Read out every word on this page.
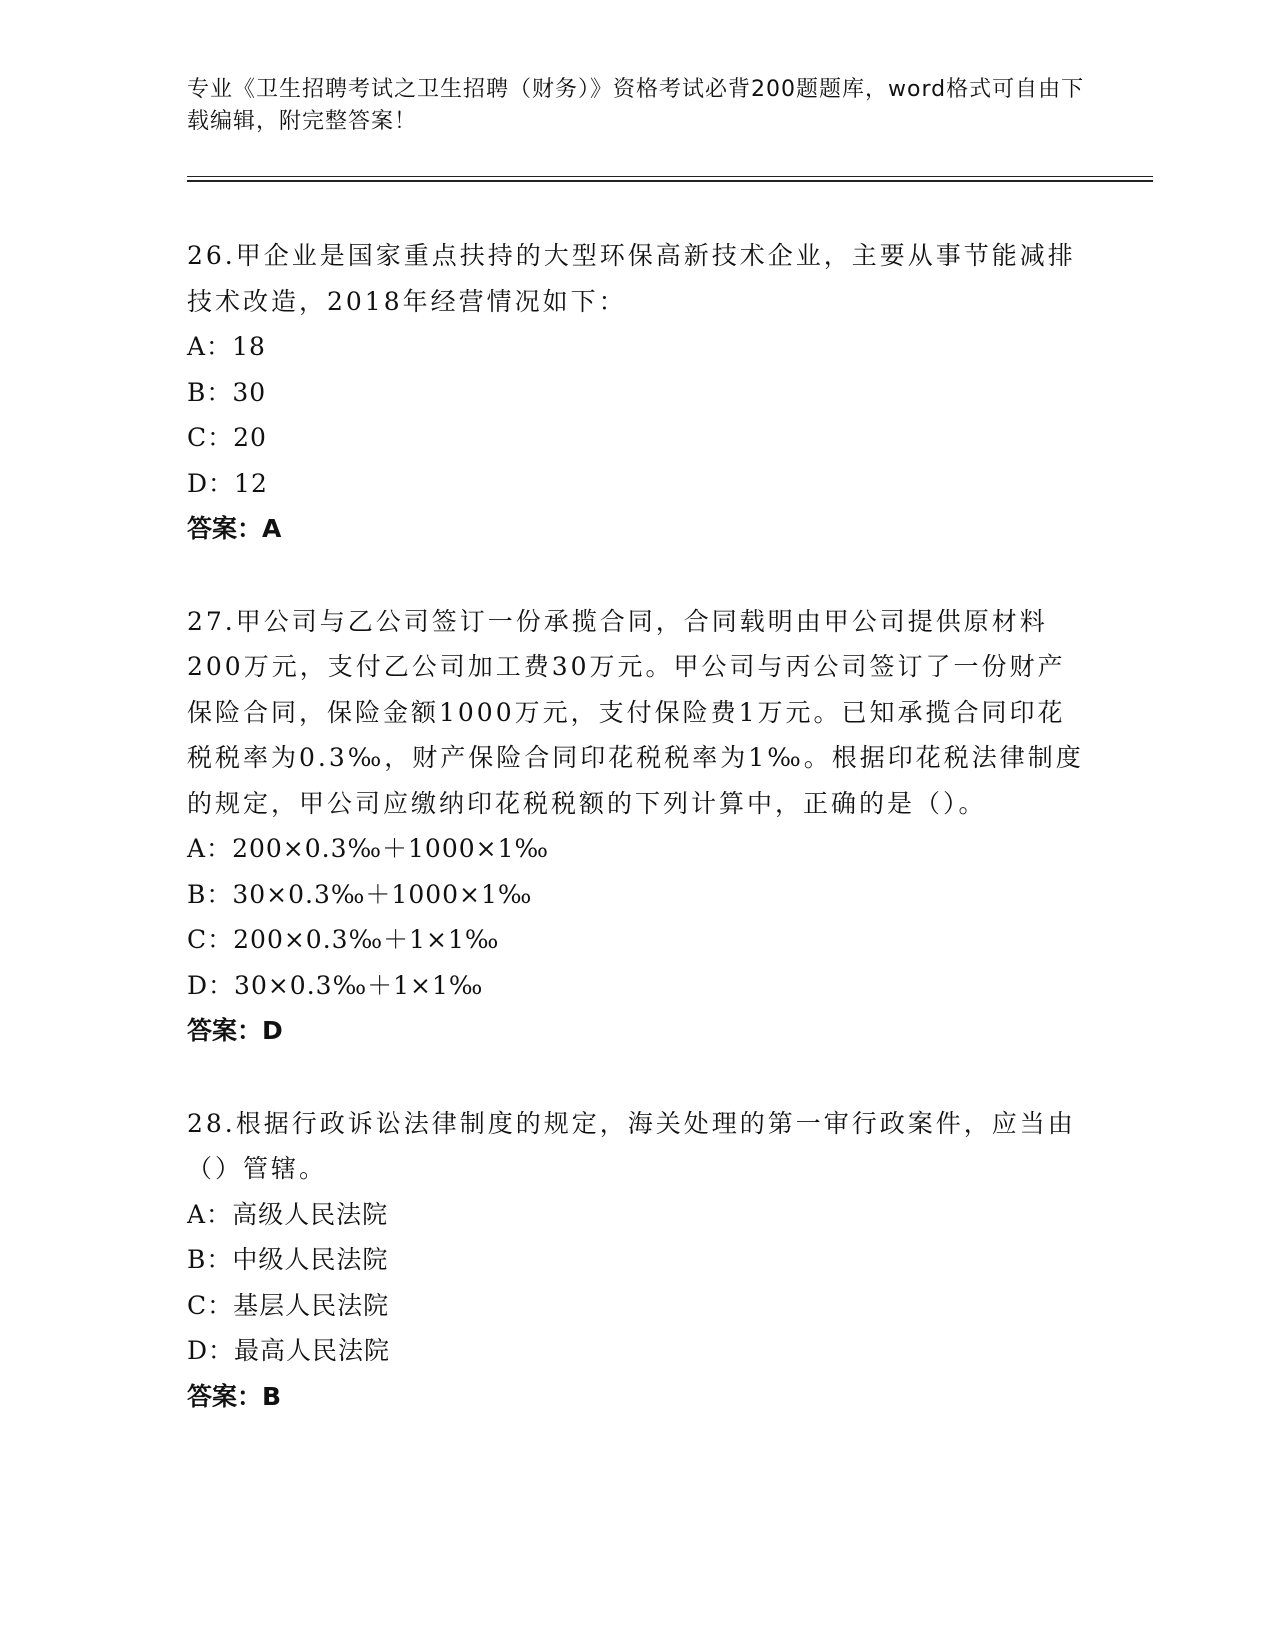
专业《卫生招聘考试之卫生招聘（财务）》资格考试必背200题题库，word格式可自由下载编辑，附完整答案！

26.甲企业是国家重点扶持的大型环保高新技术企业，主要从事节能减排技术改造，2018年经营情况如下：

A：18

B：30

C：20

D：12

答案：A

27.甲公司与乙公司签订一份承揽合同，合同载明由甲公司提供原材料200万元，支付乙公司加工费30万元。甲公司与丙公司签订了一份财产保险合同，保险金额1000万元，支付保险费1万元。已知承揽合同印花税税率为0.3‰，财产保险合同印花税税率为1‰。根据印花税法律制度的规定，甲公司应缴纳印花税税额的下列计算中，正确的是（）。

A：200×0.3‰＋1000×1‰

B：30×0.3‰＋1000×1‰

C：200×0.3‰＋1×1‰

D：30×0.3‰＋1×1‰

答案：D

28.根据行政诉讼法律制度的规定，海关处理的第一审行政案件，应当由（）管辖。

A：高级人民法院

B：中级人民法院

C：基层人民法院

D：最高人民法院

答案：B
